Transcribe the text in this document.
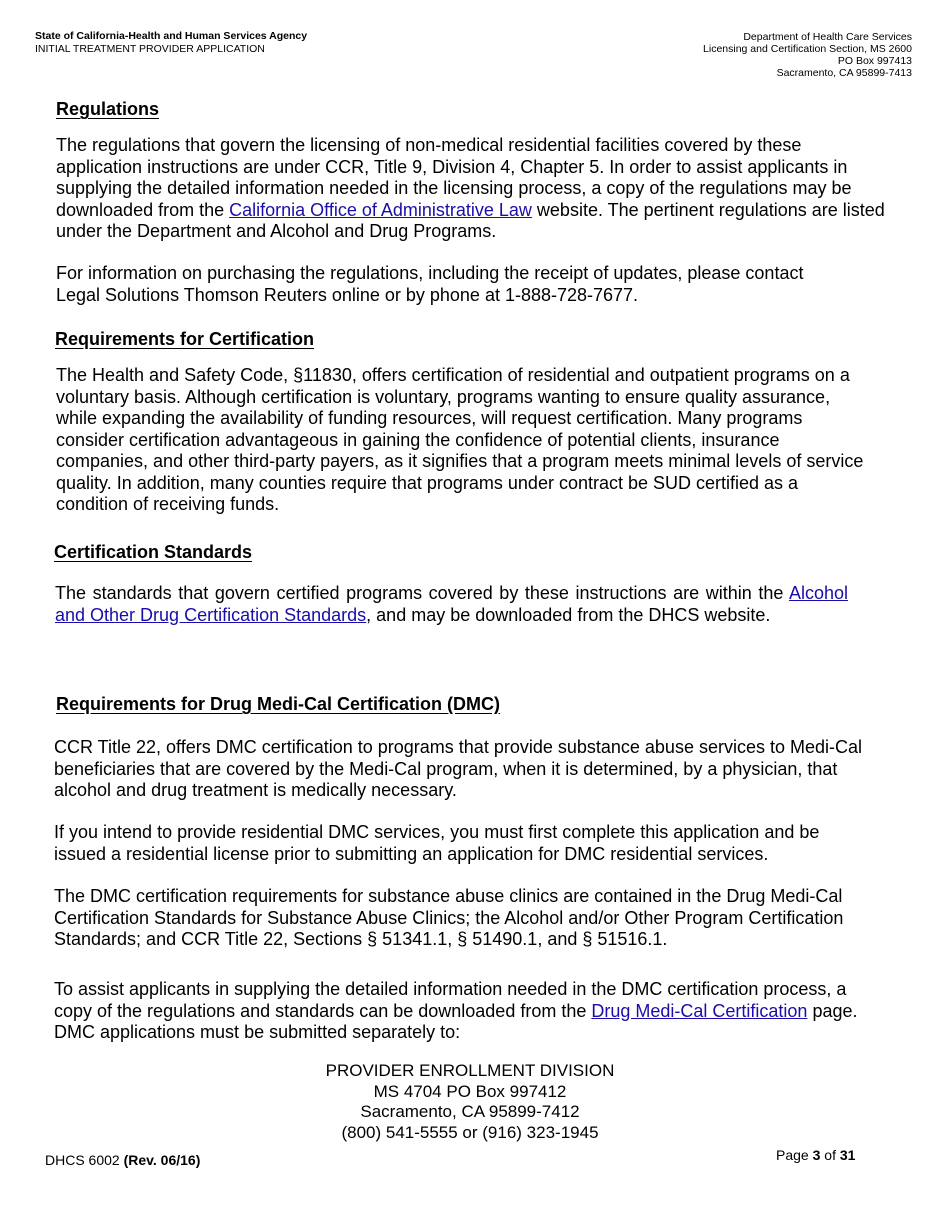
State of California-Health and Human Services Agency
INITIAL TREATMENT PROVIDER APPLICATION
Department of Health Care Services
Licensing and Certification Section, MS 2600
PO Box 997413
Sacramento, CA 95899-7413
Regulations

The regulations that govern the licensing of non-medical residential facilities covered by these application instructions are under CCR, Title 9, Division 4, Chapter 5. In order to assist applicants in supplying the detailed information needed in the licensing process, a copy of the regulations may be downloaded from the California Office of Administrative Law website. The pertinent regulations are listed under the Department and Alcohol and Drug Programs.

For information on purchasing the regulations, including the receipt of updates, please contact Legal Solutions Thomson Reuters online or by phone at 1-888-728-7677.

Requirements for Certification

The Health and Safety Code, §11830, offers certification of residential and outpatient programs on a voluntary basis. Although certification is voluntary, programs wanting to ensure quality assurance, while expanding the availability of funding resources, will request certification. Many programs consider certification advantageous in gaining the confidence of potential clients, insurance companies, and other third-party payers, as it signifies that a program meets minimal levels of service quality. In addition, many counties require that programs under contract be SUD certified as a condition of receiving funds.

Certification Standards

The standards that govern certified programs covered by these instructions are within the Alcohol and Other Drug Certification Standards, and may be downloaded from the DHCS website.

Requirements for Drug Medi-Cal Certification (DMC)

CCR Title 22, offers DMC certification to programs that provide substance abuse services to Medi-Cal beneficiaries that are covered by the Medi-Cal program, when it is determined, by a physician, that alcohol and drug treatment is medically necessary.

If you intend to provide residential DMC services, you must first complete this application and be issued a residential license prior to submitting an application for DMC residential services.

The DMC certification requirements for substance abuse clinics are contained in the Drug Medi-Cal Certification Standards for Substance Abuse Clinics; the Alcohol and/or Other Program Certification Standards; and CCR Title 22, Sections § 51341.1, § 51490.1, and § 51516.1.

To assist applicants in supplying the detailed information needed in the DMC certification process, a copy of the regulations and standards can be downloaded from the Drug Medi-Cal Certification page. DMC applications must be submitted separately to:

PROVIDER ENROLLMENT DIVISION
MS 4704 PO Box 997412
Sacramento, CA 95899-7412
(800) 541-5555 or (916) 323-1945
DHCS 6002 (Rev. 06/16)	Page 3 of 31
